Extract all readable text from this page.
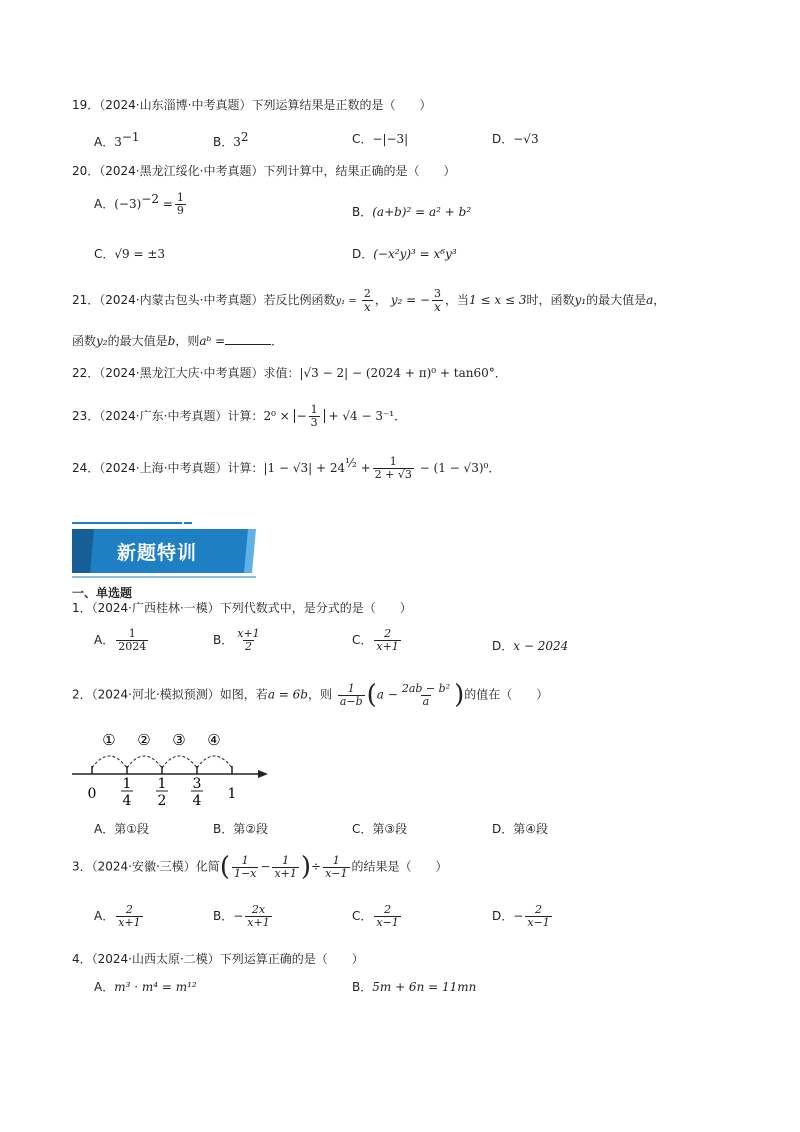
19．（2024·山东淄博·中考真题）下列运算结果是正数的是（　　）
A．$3^{-1}$	B．$3^2$	C．−|−3|	D．−√3
20．（2024·黑龙江绥化·中考真题）下列计算中，结果正确的是（　　）
A．$(-3)^{-2} = \frac{1}{9}$	B．(a+b)² = a² + b²
C．√9 = ±3	D．(−x²y)³ = x⁶y³
21．（2024·内蒙古包头·中考真题）若反比例函数$y_1 = \frac{2}{x}$ ， y₂ = − $\frac{3}{x}$ ，当1 ≤ x ≤ 3时，函数y₁的最大值是a，
函数y₂的最大值是b，则aᵇ =	．
22．（2024·黑龙江大庆·中考真题）求值：|√3 − 2| − (2024 + π)⁰ + tan60°．
23．（2024·广东·中考真题）计算：2⁰ × − $\frac{1}{3} + √4 - 3^{-1}$．
24．（2024·上海·中考真题）计算：$|1 - √3| + 24^{\frac{1}{2}} + \frac{1}{2 + √3} - (1 - √3)^0$．
新题特训
一、单选题
1．（2024·广西桂林·一模）下列代数式中，是分式的是（　　）
A． $\frac{1}{2024}$	B． $\frac{x+1}{2}$	C． $\frac{2}{x+1}$	D．x − 2024
2．（2024·河北·模拟预测）如图，若a = 6b，则 $\frac{1}{a-b} (a - \frac{\text{2ab − b²}}{a}$ )的值在（　　）
① ② ③ ④
0
1
4
1
2
3
4 1
A．第①段	B．第②段	C．第③段	D．第④段
3．（2024·安徽·三模）化简( $\frac{1}{1-x} - \frac{1}{x+1}$ )÷ $\frac{1}{x-1}$ 的结果是（　　）
A． $\frac{2}{x+1}$	B．− $\frac{2x}{x+1}$	C． $\frac{2}{x-1}$	D．− $\frac{2}{x-1}$
4．（2024·山西太原·二模）下列运算正确的是（　　）
A．m³ · m⁴ = m¹²	B．5m + 6n = 11mn
